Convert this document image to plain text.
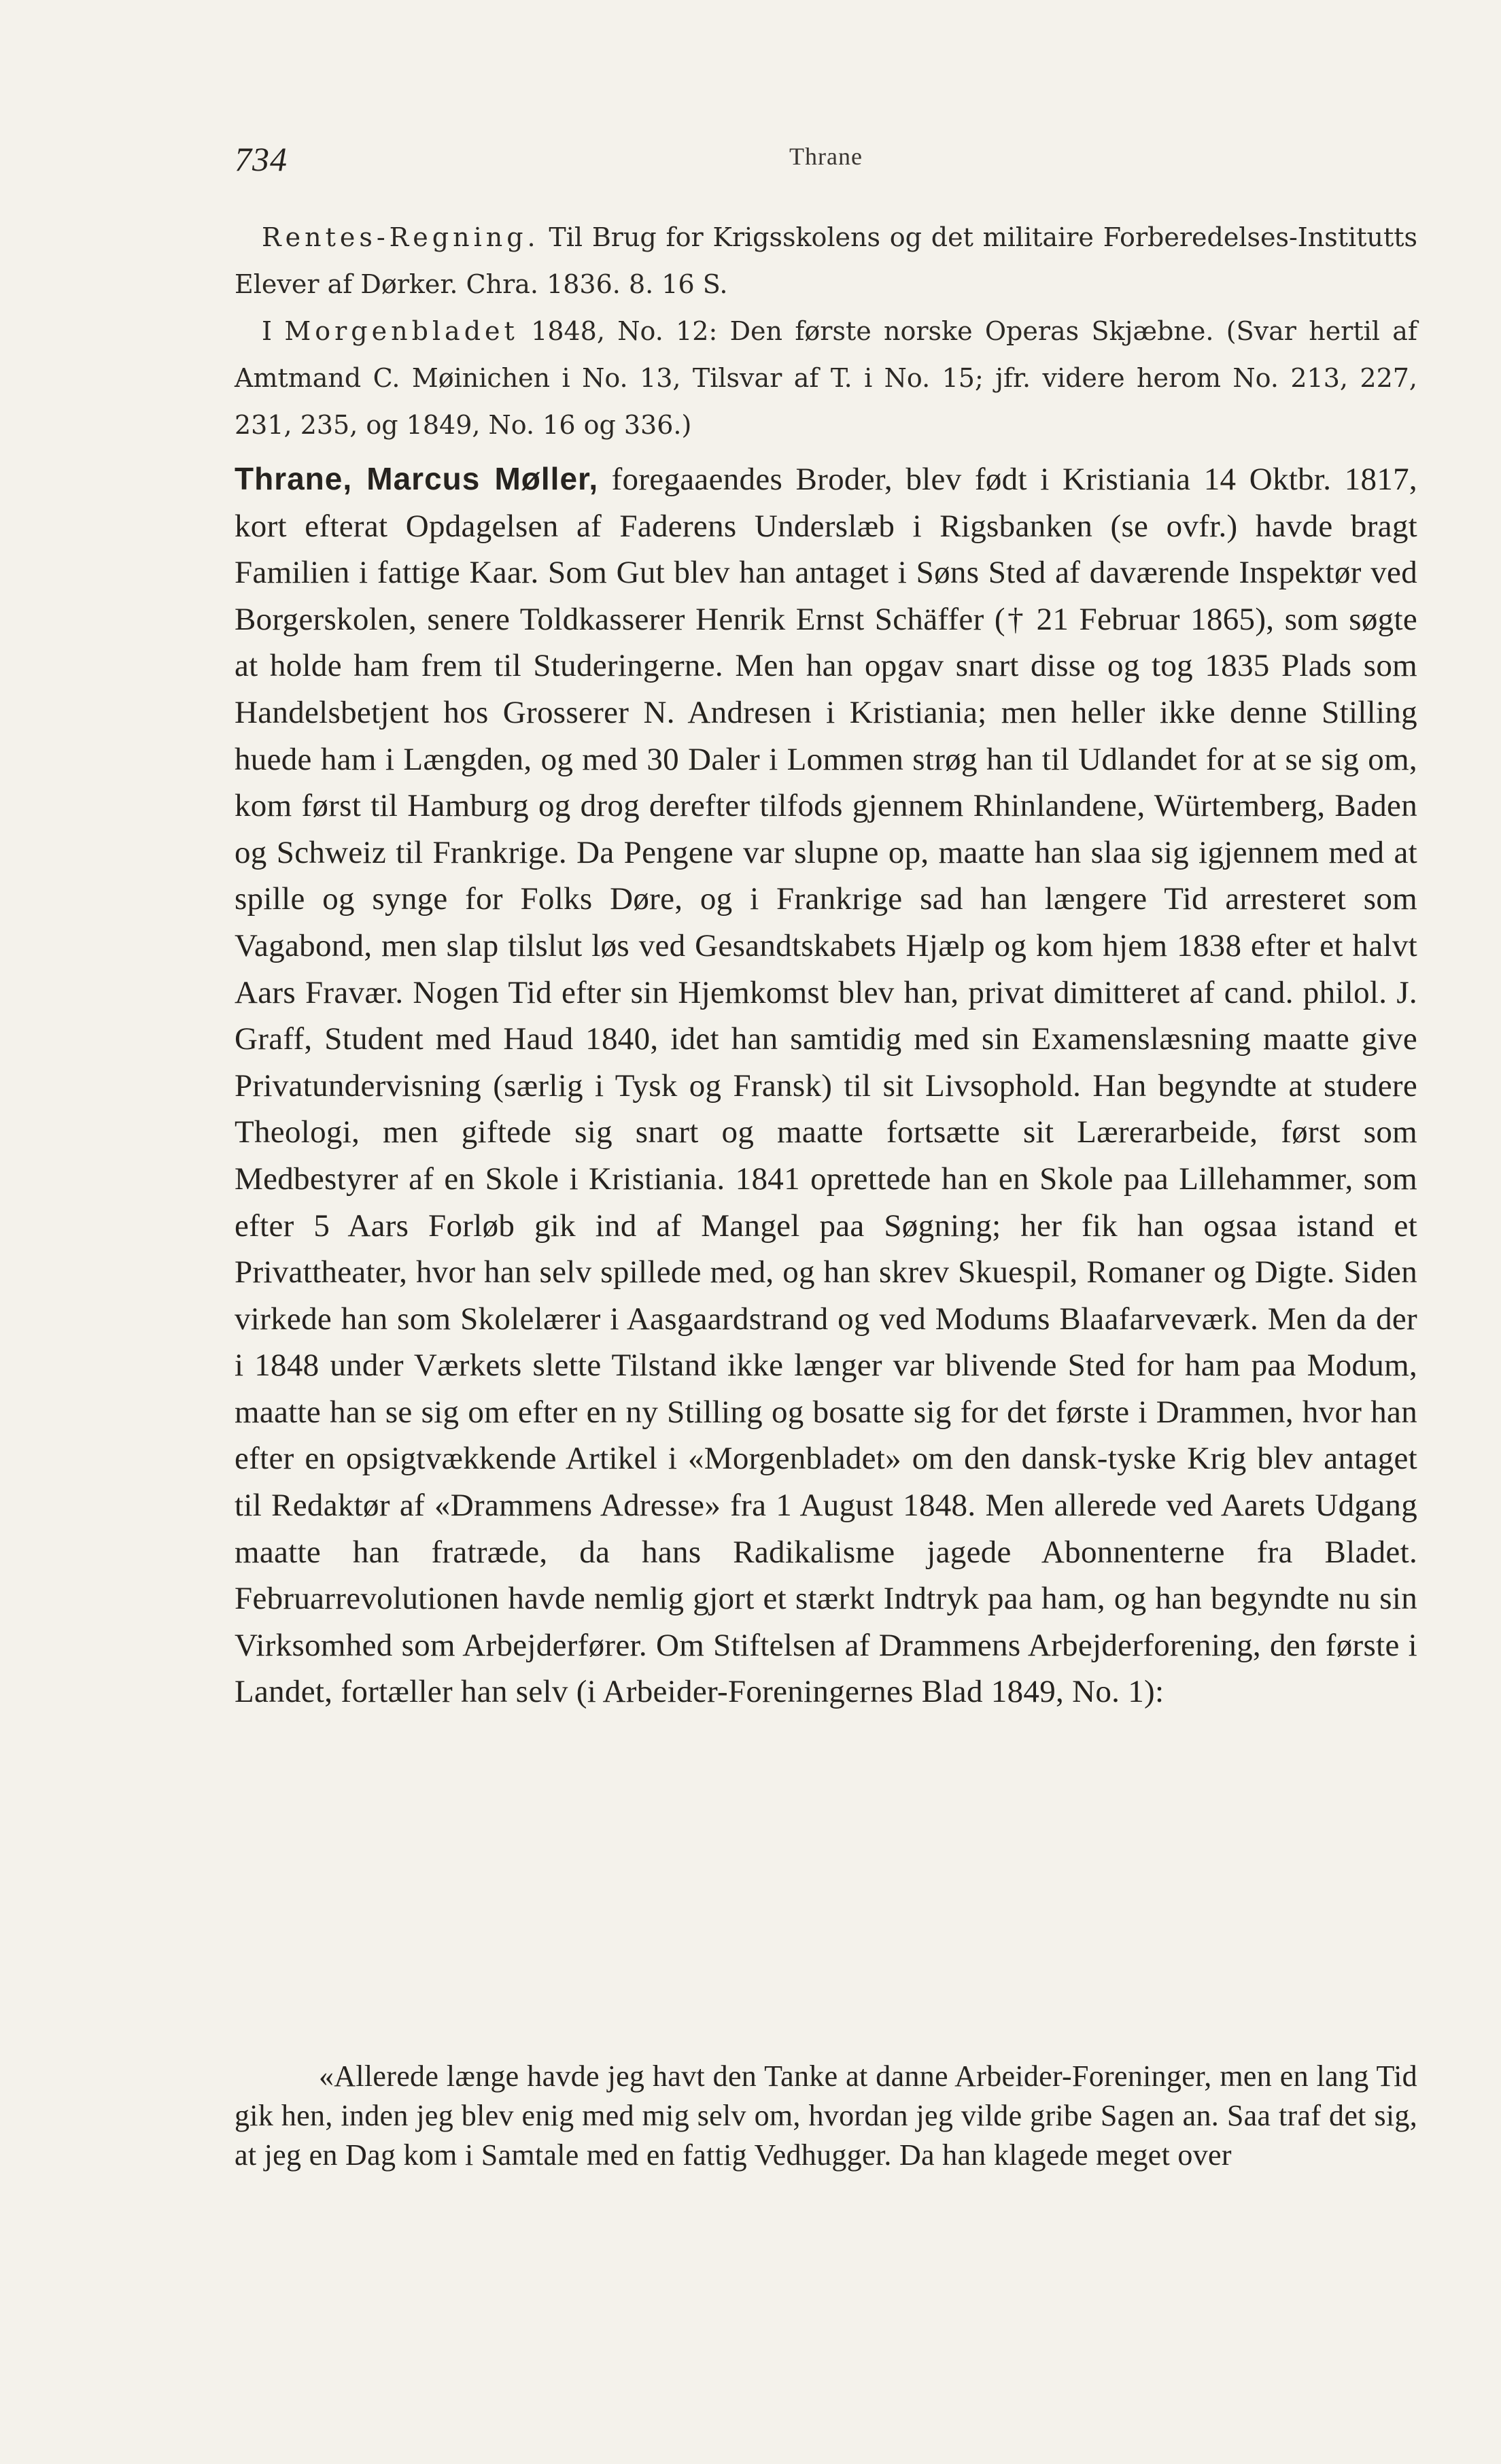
734	Thrane

Rentes-Regning. Til Brug for Krigsskolens og det militaire Forberedelses-Institutts Elever af Dørker. Chra. 1836. 8. 16 S.

I Morgenbladet 1848, No. 12: Den første norske Operas Skjæbne. (Svar hertil af Amtmand C. Møinichen i No. 13, Tilsvar af T. i No. 15; jfr. videre herom No. 213, 227, 231, 235, og 1849, No. 16 og 336.)

Thrane, Marcus Møller, foregaaendes Broder, blev født i Kristiania 14 Oktbr. 1817, kort efterat Opdagelsen af Faderens Underslæb i Rigsbanken (se ovfr.) havde bragt Familien i fattige Kaar. Som Gut blev han antaget i Søns Sted af daværende Inspektør ved Borgerskolen, senere Toldkasserer Henrik Ernst Schäffer († 21 Februar 1865), som søgte at holde ham frem til Studeringerne. Men han opgav snart disse og tog 1835 Plads som Handelsbetjent hos Grosserer N. Andresen i Kristiania; men heller ikke denne Stilling huede ham i Længden, og med 30 Daler i Lommen strøg han til Udlandet for at se sig om, kom først til Hamburg og drog derefter tilfods gjennem Rhinlandene, Würtemberg, Baden og Schweiz til Frankrige. Da Pengene var slupne op, maatte han slaa sig igjennem med at spille og synge for Folks Døre, og i Frankrige sad han længere Tid arresteret som Vagabond, men slap tilslut løs ved Gesandtskabets Hjælp og kom hjem 1838 efter et halvt Aars Fravær. Nogen Tid efter sin Hjemkomst blev han, privat dimitteret af cand. philol. J. Graff, Student med Haud 1840, idet han samtidig med sin Examenslæsning maatte give Privatundervisning (særlig i Tysk og Fransk) til sit Livsophold. Han begyndte at studere Theologi, men giftede sig snart og maatte fortsætte sit Lærerarbeide, først som Medbestyrer af en Skole i Kristiania. 1841 oprettede han en Skole paa Lillehammer, som efter 5 Aars Forløb gik ind af Mangel paa Søgning; her fik han ogsaa istand et Privattheater, hvor han selv spillede med, og han skrev Skuespil, Romaner og Digte. Siden virkede han som Skolelærer i Aasgaardstrand og ved Modums Blaafarveværk. Men da der i 1848 under Værkets slette Tilstand ikke længer var blivende Sted for ham paa Modum, maatte han se sig om efter en ny Stilling og bosatte sig for det første i Drammen, hvor han efter en opsigtvækkende Artikel i «Morgenbladet» om den dansk-tyske Krig blev antaget til Redaktør af «Drammens Adresse» fra 1 August 1848. Men allerede ved Aarets Udgang maatte han fratræde, da hans Radikalisme jagede Abonnenterne fra Bladet. Februarrevolutionen havde nemlig gjort et stærkt Indtryk paa ham, og han begyndte nu sin Virksomhed som Arbejderfører. Om Stiftelsen af Drammens Arbejderforening, den første i Landet, fortæller han selv (i Arbeider-Foreningernes Blad 1849, No. 1):

«Allerede længe havde jeg havt den Tanke at danne Arbeider-Foreninger, men en lang Tid gik hen, inden jeg blev enig med mig selv om, hvordan jeg vilde gribe Sagen an. Saa traf det sig, at jeg en Dag kom i Samtale med en fattig Vedhugger. Da han klagede meget over
